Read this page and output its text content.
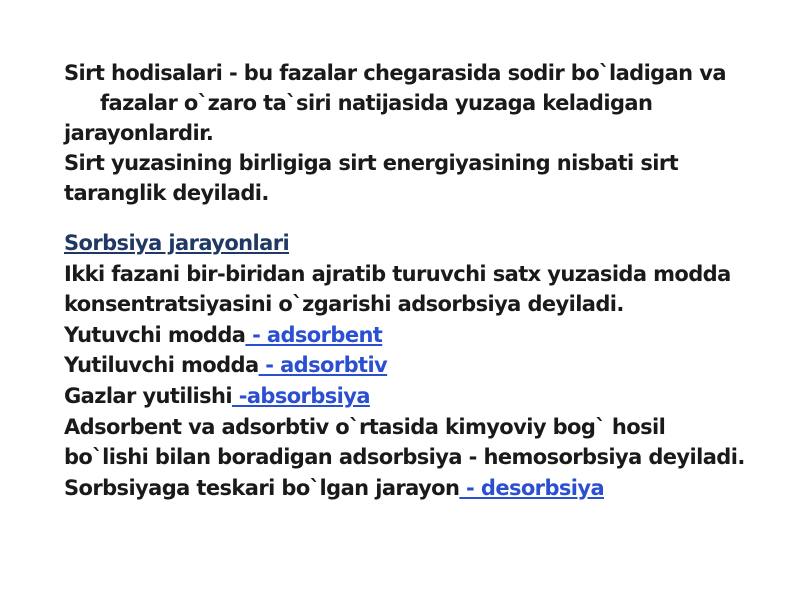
Sirt hodisalari - bu fazalar chegarasida sodir bo`ladigan va
fazalar o`zaro ta`siri natijasida yuzaga keladigan
jarayonlardir.
Sirt yuzasining birligiga sirt energiyasining nisbati sirt
taranglik deyiladi.
Sorbsiya jarayonlari
Ikki fazani bir-biridan ajratib turuvchi satx yuzasida modda
konsentratsiyasini o`zgarishi adsorbsiya deyiladi.
Yutuvchi modda - adsorbent
Yutiluvchi modda - adsorbtiv
Gazlar yutilishi -absorbsiya
Adsorbent va adsorbtiv o`rtasida kimyoviy bog` hosil
bo`lishi bilan boradigan adsorbsiya - hemosorbsiya deyiladi.
Sorbsiyaga teskari bo`lgan jarayon - desorbsiya
